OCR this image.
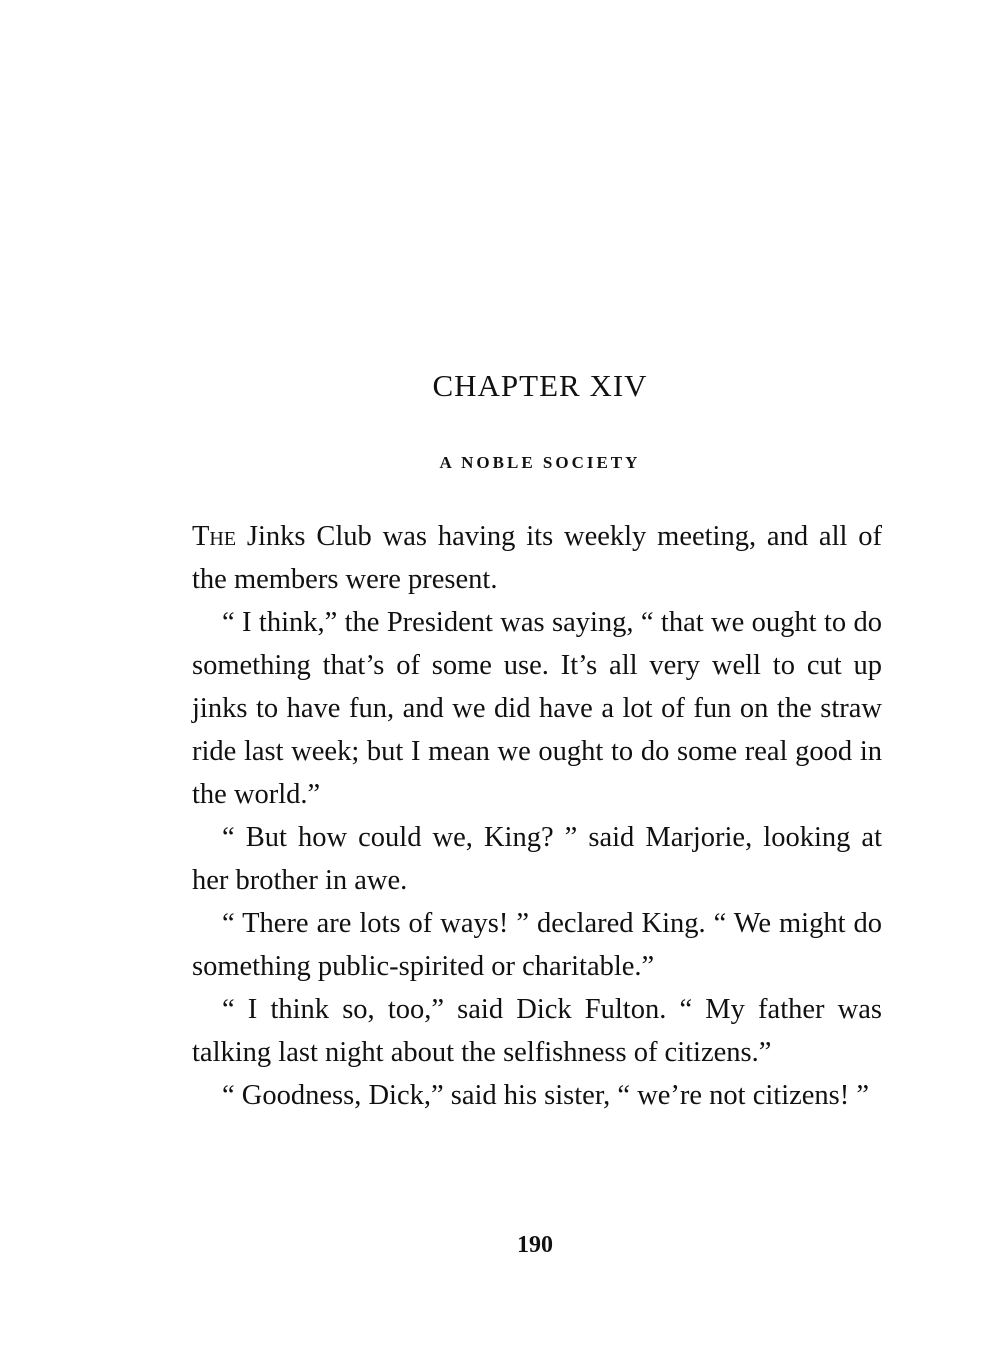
CHAPTER XIV
A NOBLE SOCIETY

The Jinks Club was having its weekly meeting, and all of the members were present.

“ I think,” the President was saying, “ that we ought to do something that’s of some use. It’s all very well to cut up jinks to have fun, and we did have a lot of fun on the straw ride last week; but I mean we ought to do some real good in the world.”

“ But how could we, King? ” said Marjorie, looking at her brother in awe.

“ There are lots of ways! ” declared King. “ We might do something public-spirited or charitable.”

“ I think so, too,” said Dick Fulton. “ My father was talking last night about the selfishness of citizens.”

“ Goodness, Dick,” said his sister, “ we’re not citizens! ”

190
